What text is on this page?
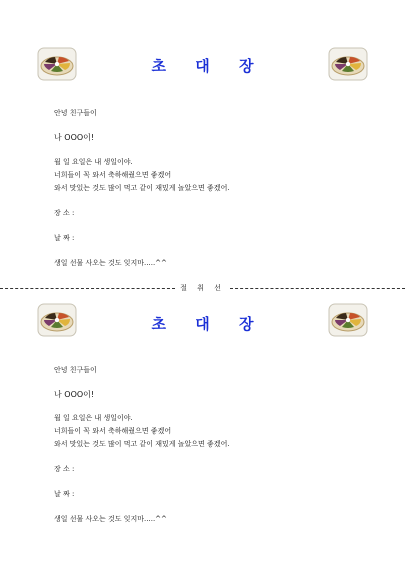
초 대 장
안녕 친구들이
나 OOO이!
월 일 요일은 내 생일이야.
너희들이 꼭 와서 축하해줬으면 좋겠어
와서 맛있는 것도 많이 먹고 같이 재밌게 놀았으면 좋겠어.
장 소 :
날 짜 :
생일 선물 사오는 것도 잊지마.....^^
절 취 선
초 대 장
안녕 친구들이
나 OOO이!
월 일 요일은 내 생일이야.
너희들이 꼭 와서 축하해줬으면 좋겠어
와서 맛있는 것도 많이 먹고 같이 재밌게 놀았으면 좋겠어.
장 소 :
날 짜 :
생일 선물 사오는 것도 잊지마.....^^
